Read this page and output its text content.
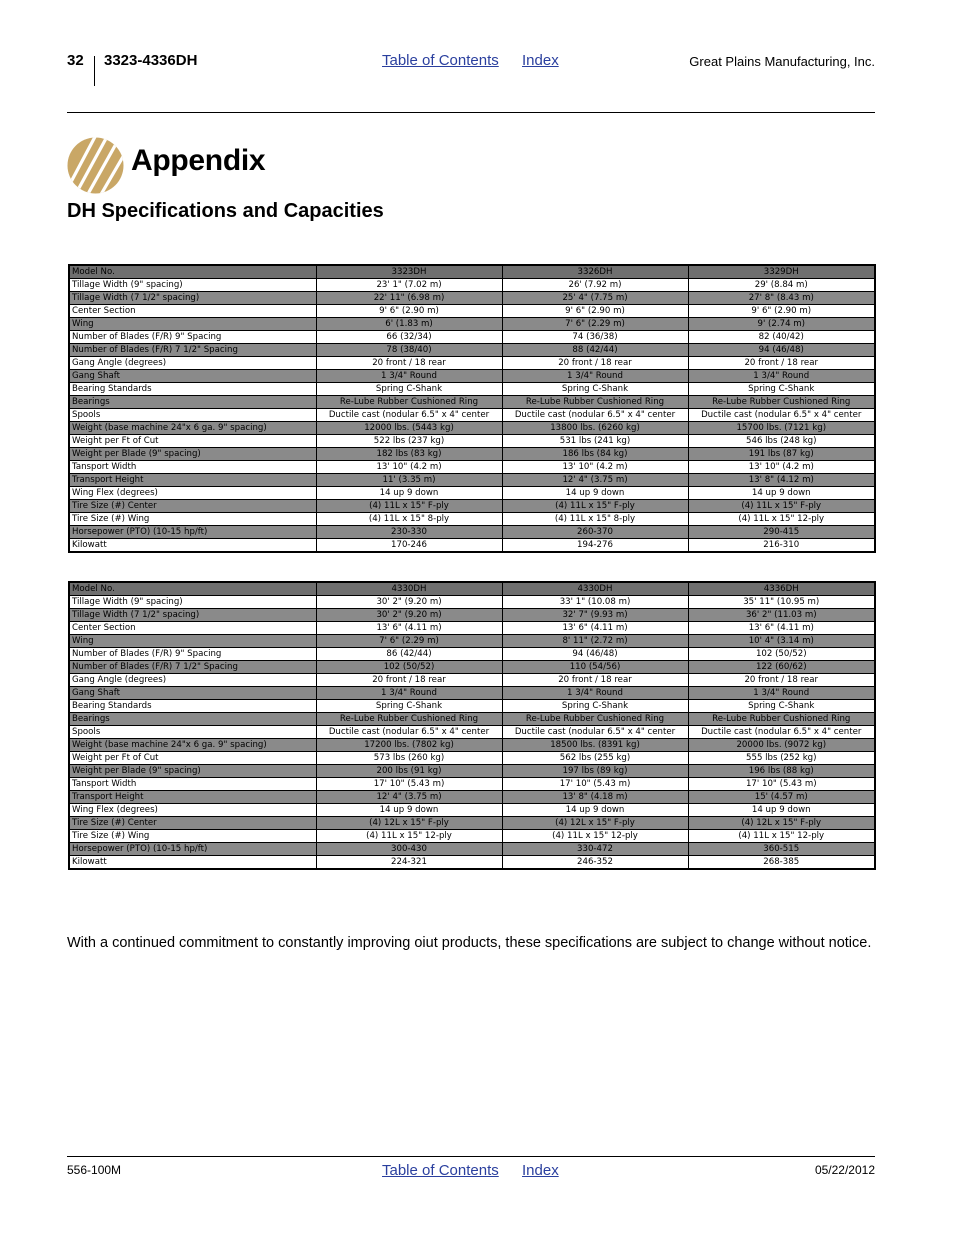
32 3323-4336DH	Table of Contents Index	Great Plains Manufacturing, Inc.
Appendix
DH Specifications and Capacities
Model No.	3323DH	3326DH	3329DH
Tillage Width (9" spacing)	23' 1" (7.02 m)	26' (7.92 m)	29' (8.84 m)
Tillage Width (7 1/2" spacing)	22' 11" (6.98 m)	25' 4" (7.75 m)	27' 8" (8.43 m)
Center Section	9' 6" (2.90 m)	9' 6" (2.90 m)	9' 6" (2.90 m)
Wing	6' (1.83 m)	7' 6" (2.29 m)	9' (2.74 m)
Number of Blades (F/R) 9" Spacing	66 (32/34)	74 (36/38)	82 (40/42)
Number of Blades (F/R) 7 1/2" Spacing	78 (38/40)	88 (42/44)	94 (46/48)
Gang Angle (degrees)	20 front / 18 rear	20 front / 18 rear	20 front / 18 rear
Gang Shaft	1 3/4" Round	1 3/4" Round	1 3/4" Round
Bearing Standards	Spring C-Shank	Spring C-Shank	Spring C-Shank
Bearings	Re-Lube Rubber Cushioned Ring	Re-Lube Rubber Cushioned Ring	Re-Lube Rubber Cushioned Ring
Spools	Ductile cast (nodular 6.5" x 4" center	Ductile cast (nodular 6.5" x 4" center	Ductile cast (nodular 6.5" x 4" center
Weight (base machine 24"x 6 ga. 9" spacing)	12000 lbs. (5443 kg)	13800 lbs. (6260 kg)	15700 lbs. (7121 kg)
Weight per Ft of Cut	522 lbs (237 kg)	531 lbs (241 kg)	546 lbs (248 kg)
Weight per Blade (9" spacing)	182 lbs (83 kg)	186 lbs (84 kg)	191 lbs (87 kg)
Tansport Width	13' 10" (4.2 m)	13' 10" (4.2 m)	13' 10" (4.2 m)
Transport Height	11' (3.35 m)	12' 4" (3.75 m)	13' 8" (4.12 m)
Wing Flex (degrees)	14 up 9 down	14 up 9 down	14 up 9 down
Tire Size (#) Center	(4) 11L x 15" F-ply	(4) 11L x 15" F-ply	(4) 11L x 15" F-ply
Tire Size (#) Wing	(4) 11L x 15" 8-ply	(4) 11L x 15" 8-ply	(4) 11L x 15" 12-ply
Horsepower (PTO) (10-15 hp/ft)	230-330	260-370	290-415
Kilowatt	170-246	194-276	216-310
Model No.	4330DH	4330DH	4336DH
Tillage Width (9" spacing)	30' 2" (9.20 m)	33' 1" (10.08 m)	35' 11" (10.95 m)
Tillage Width (7 1/2" spacing)	30' 2" (9.20 m)	32' 7" (9.93 m)	36' 2" (11.03 m)
Center Section	13' 6" (4.11 m)	13' 6" (4.11 m)	13' 6" (4.11 m)
Wing	7' 6" (2.29 m)	8' 11" (2.72 m)	10' 4" (3.14 m)
Number of Blades (F/R) 9" Spacing	86 (42/44)	94 (46/48)	102 (50/52)
Number of Blades (F/R) 7 1/2" Spacing	102 (50/52)	110 (54/56)	122 (60/62)
Gang Angle (degrees)	20 front / 18 rear	20 front / 18 rear	20 front / 18 rear
Gang Shaft	1 3/4" Round	1 3/4" Round	1 3/4" Round
Bearing Standards	Spring C-Shank	Spring C-Shank	Spring C-Shank
Bearings	Re-Lube Rubber Cushioned Ring	Re-Lube Rubber Cushioned Ring	Re-Lube Rubber Cushioned Ring
Spools	Ductile cast (nodular 6.5" x 4" center	Ductile cast (nodular 6.5" x 4" center	Ductile cast (nodular 6.5" x 4" center
Weight (base machine 24"x 6 ga. 9" spacing)	17200 lbs. (7802 kg)	18500 lbs. (8391 kg)	20000 lbs. (9072 kg)
Weight per Ft of Cut	573 lbs (260 kg)	562 lbs (255 kg)	555 lbs (252 kg)
Weight per Blade (9" spacing)	200 lbs (91 kg)	197 lbs (89 kg)	196 lbs (88 kg)
Tansport Width	17' 10" (5.43 m)	17' 10" (5.43 m)	17' 10" (5.43 m)
Transport Height	12' 4" (3.75 m)	13' 8" (4.18 m)	15' (4.57 m)
Wing Flex (degrees)	14 up 9 down	14 up 9 down	14 up 9 down
Tire Size (#) Center	(4) 12L x 15" F-ply	(4) 12L x 15" F-ply	(4) 12L x 15" F-ply
Tire Size (#) Wing	(4) 11L x 15" 12-ply	(4) 11L x 15" 12-ply	(4) 11L x 15" 12-ply
Horsepower (PTO) (10-15 hp/ft)	300-430	330-472	360-515
Kilowatt	224-321	246-352	268-385
With a continued commitment to constantly improving oiut products, these specifications are subject to change without notice.
556-100M	Table of Contents Index	05/22/2012
